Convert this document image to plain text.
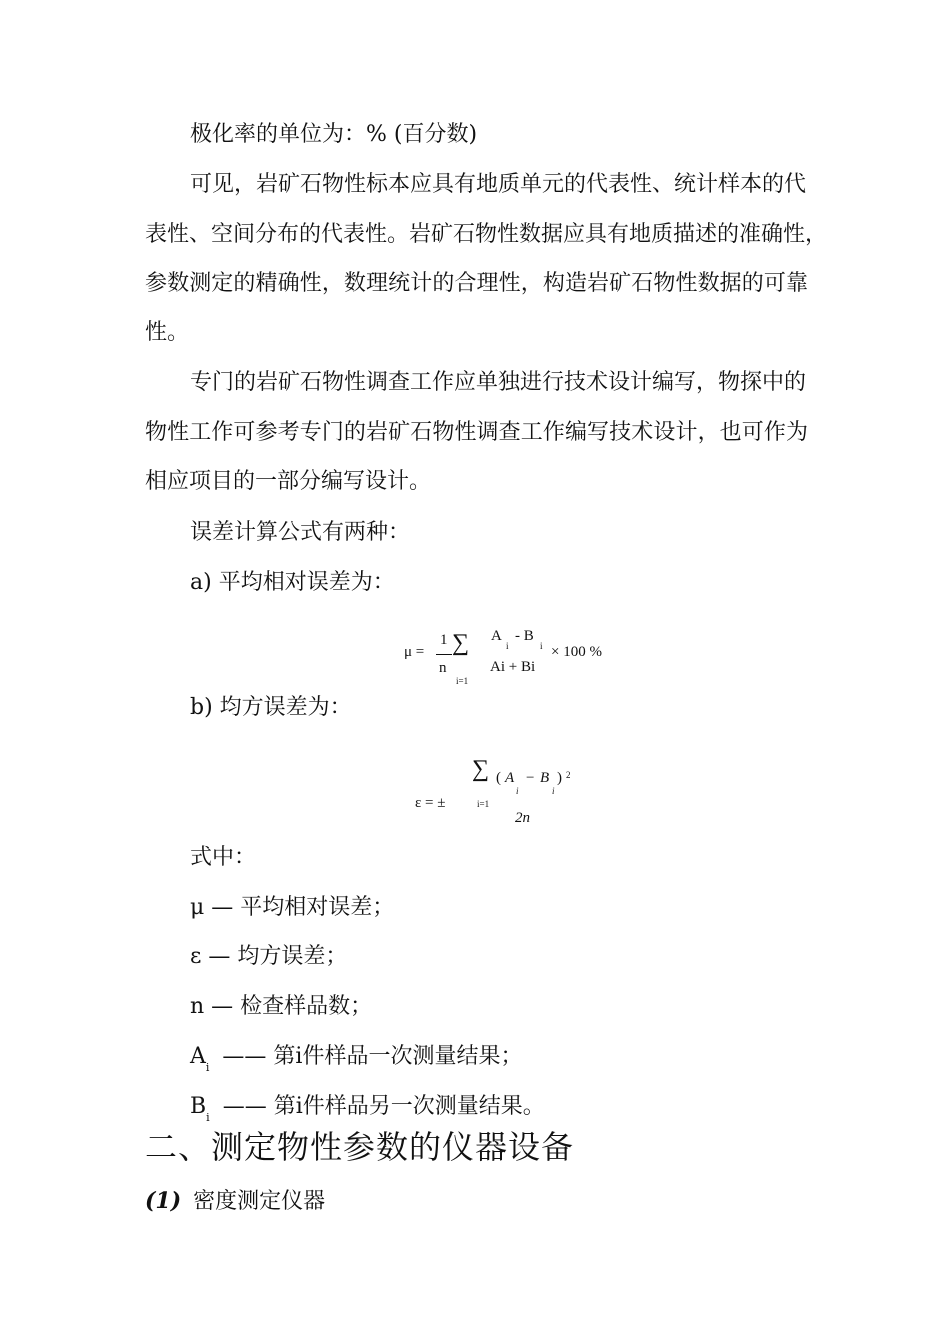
极化率的单位为：% (百分数)
可见，岩矿石物性标本应具有地质单元的代表性、统计样本的代
表性、空间分布的代表性。岩矿石物性数据应具有地质描述的准确性，
参数测定的精确性，数理统计的合理性，构造岩矿石物性数据的可靠
性。
专门的岩矿石物性调查工作应单独进行技术设计编写，物探中的
物性工作可参考专门的岩矿石物性调查工作编写技术设计，也可作为
相应项目的一部分编写设计。
误差计算公式有两种：
a) 平均相对误差为：
μ =
1
n
∑
i=1
A
i
- B
i
Ai + Bi
× 100 %
b) 均方误差为：
ε = ±
∑
i=1
( A
i
− B
i
) 2
2n
式中：
μ — 平均相对误差；
ε — 均方误差；
n — 检查样品数；
$A_i$ —— 第i件样品一次测量结果；
$B_i$ —— 第i件样品另一次测量结果。
二、测定物性参数的仪器设备
(1) 密度测定仪器
